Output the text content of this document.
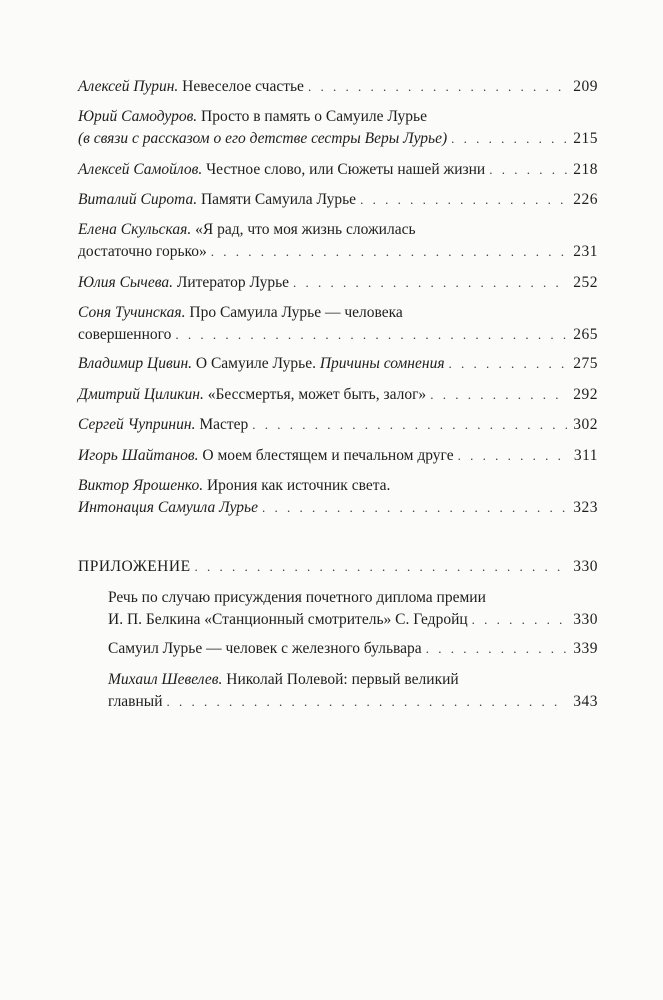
Алексей Пурин. Невеселое счастье . . .	209
Юрий Самодуров. Просто в память о Самуиле Лурье
(в связи с рассказом о его детстве сестры Веры Лурье) . . .	215
Алексей Самойлов. Честное слово, или Сюжеты нашей жизни . . .	218
Виталий Сирота. Памяти Самуила Лурье . . .	226
Елена Скульская. «Я рад, что моя жизнь сложилась
достаточно горько» . . .	231
Юлия Сычева. Литератор Лурье . . .	252
Соня Тучинская. Про Самуила Лурье — человека
совершенного . . .	265
Владимир Цивин. О Самуиле Лурье. Причины сомнения . . .	275
Дмитрий Циликин. «Бессмертья, может быть, залог» . . .	292
Сергей Чупринин. Мастер . . .	302
Игорь Шайтанов. О моем блестящем и печальном друге . . .	311
Виктор Ярошенко. Ирония как источник света.
Интонация Самуила Лурье . . .	323
ПРИЛОЖЕНИЕ . . .	330
Речь по случаю присуждения почетного диплома премии
И. П. Белкина «Станционный смотритель» С. Гедройц . . .	330
Самуил Лурье — человек с железного бульвара . . .	339
Михаил Шевелев. Николай Полевой: первый великий
главный . . .	343
